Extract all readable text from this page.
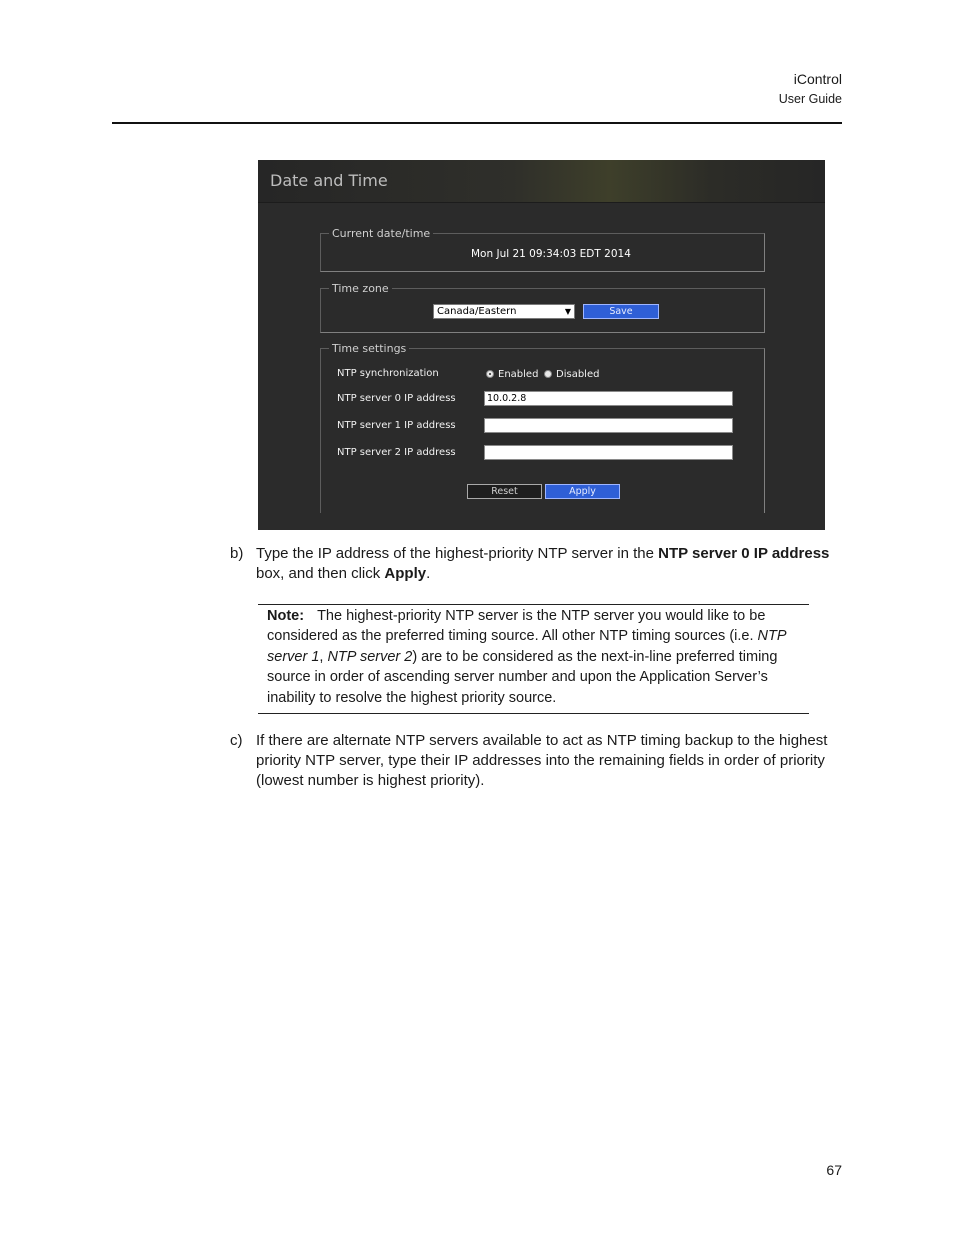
iControl
User Guide
Date and Time
Current date/time
Mon Jul 21 09:34:03 EDT 2014
Time zone
Canada/Eastern	▼	Save
Time settings
NTP synchronization	Enabled Disabled
NTP server 0 IP address	10.0.2.8
NTP server 1 IP address
NTP server 2 IP address
Reset	Apply
b) Type the IP address of the highest-priority NTP server in the NTP server 0 IP address box, and then click Apply.
Note: The highest-priority NTP server is the NTP server you would like to be considered as the preferred timing source. All other NTP timing sources (i.e. NTP server 1, NTP server 2) are to be considered as the next-in-line preferred timing source in order of ascending server number and upon the Application Server’s inability to resolve the highest priority source.
c) If there are alternate NTP servers available to act as NTP timing backup to the highest priority NTP server, type their IP addresses into the remaining fields in order of priority (lowest number is highest priority).
67
